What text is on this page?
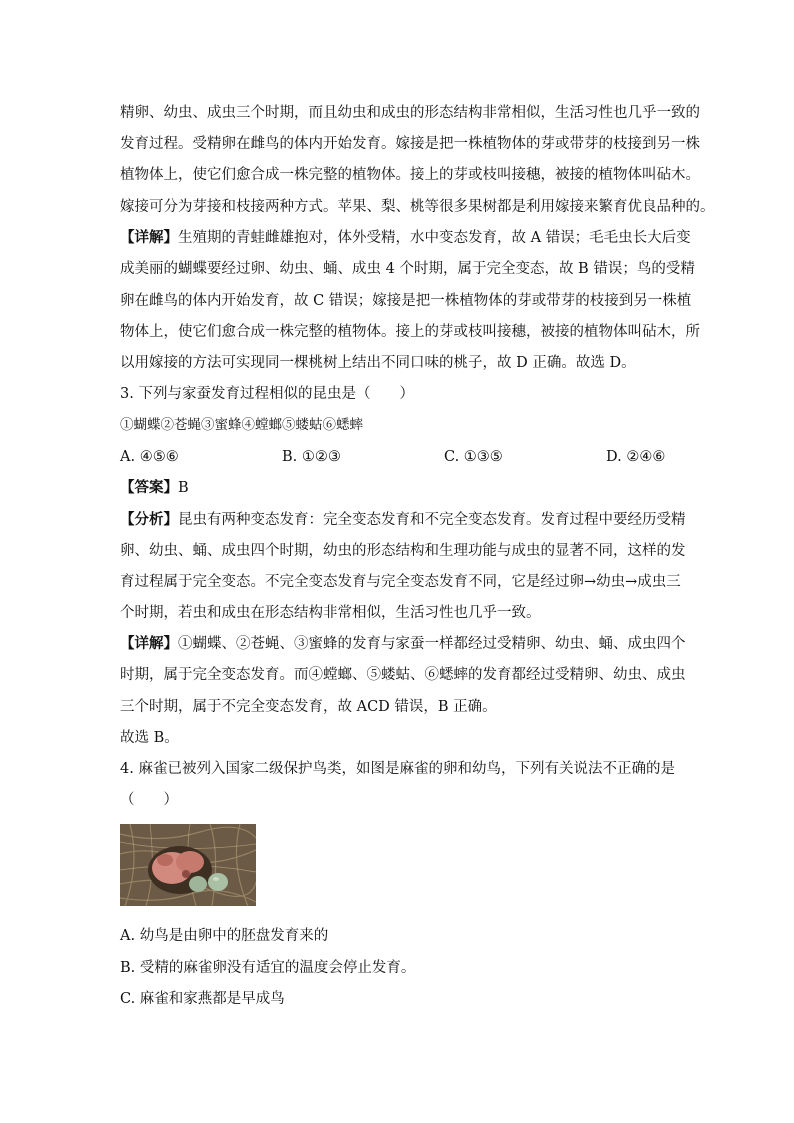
精卵、幼虫、成虫三个时期，而且幼虫和成虫的形态结构非常相似，生活习性也几乎一致的
发育过程。受精卵在雌鸟的体内开始发育。嫁接是把一株植物体的芽或带芽的枝接到另一株
植物体上，使它们愈合成一株完整的植物体。接上的芽或枝叫接穗，被接的植物体叫砧木。
嫁接可分为芽接和枝接两种方式。苹果、梨、桃等很多果树都是利用嫁接来繁育优良品种的。
【详解】生殖期的青蛙雌雄抱对，体外受精，水中变态发育，故 A 错误；毛毛虫长大后变
成美丽的蝴蝶要经过卵、幼虫、蛹、成虫 4 个时期，属于完全变态，故 B 错误；鸟的受精
卵在雌鸟的体内开始发育，故 C 错误；嫁接是把一株植物体的芽或带芽的枝接到另一株植
物体上，使它们愈合成一株完整的植物体。接上的芽或枝叫接穗，被接的植物体叫砧木，所
以用嫁接的方法可实现同一棵桃树上结出不同口味的桃子，故 D 正确。故选 D。
3. 下列与家蚕发育过程相似的昆虫是（　　）
①蝴蝶②苍蝇③蜜蜂④螳螂⑤蝼蛄⑥蟋蟀
A. ④⑤⑥	B. ①②③	C. ①③⑤	D. ②④⑥
【答案】B
【分析】昆虫有两种变态发育：完全变态发育和不完全变态发育。发育过程中要经历受精
卵、幼虫、蛹、成虫四个时期，幼虫的形态结构和生理功能与成虫的显著不同，这样的发
育过程属于完全变态。不完全变态发育与完全变态发育不同，它是经过卵→幼虫→成虫三
个时期，若虫和成虫在形态结构非常相似，生活习性也几乎一致。
【详解】①蝴蝶、②苍蝇、③蜜蜂的发育与家蚕一样都经过受精卵、幼虫、蛹、成虫四个
时期，属于完全变态发育。而④螳螂、⑤蝼蛄、⑥蟋蟀的发育都经过受精卵、幼虫、成虫
三个时期，属于不完全变态发育，故 ACD 错误，B 正确。
故选 B。
4. 麻雀已被列入国家二级保护鸟类，如图是麻雀的卵和幼鸟，下列有关说法不正确的是
（　　）
A. 幼鸟是由卵中的胚盘发育来的
B. 受精的麻雀卵没有适宜的温度会停止发育。
C. 麻雀和家燕都是早成鸟
